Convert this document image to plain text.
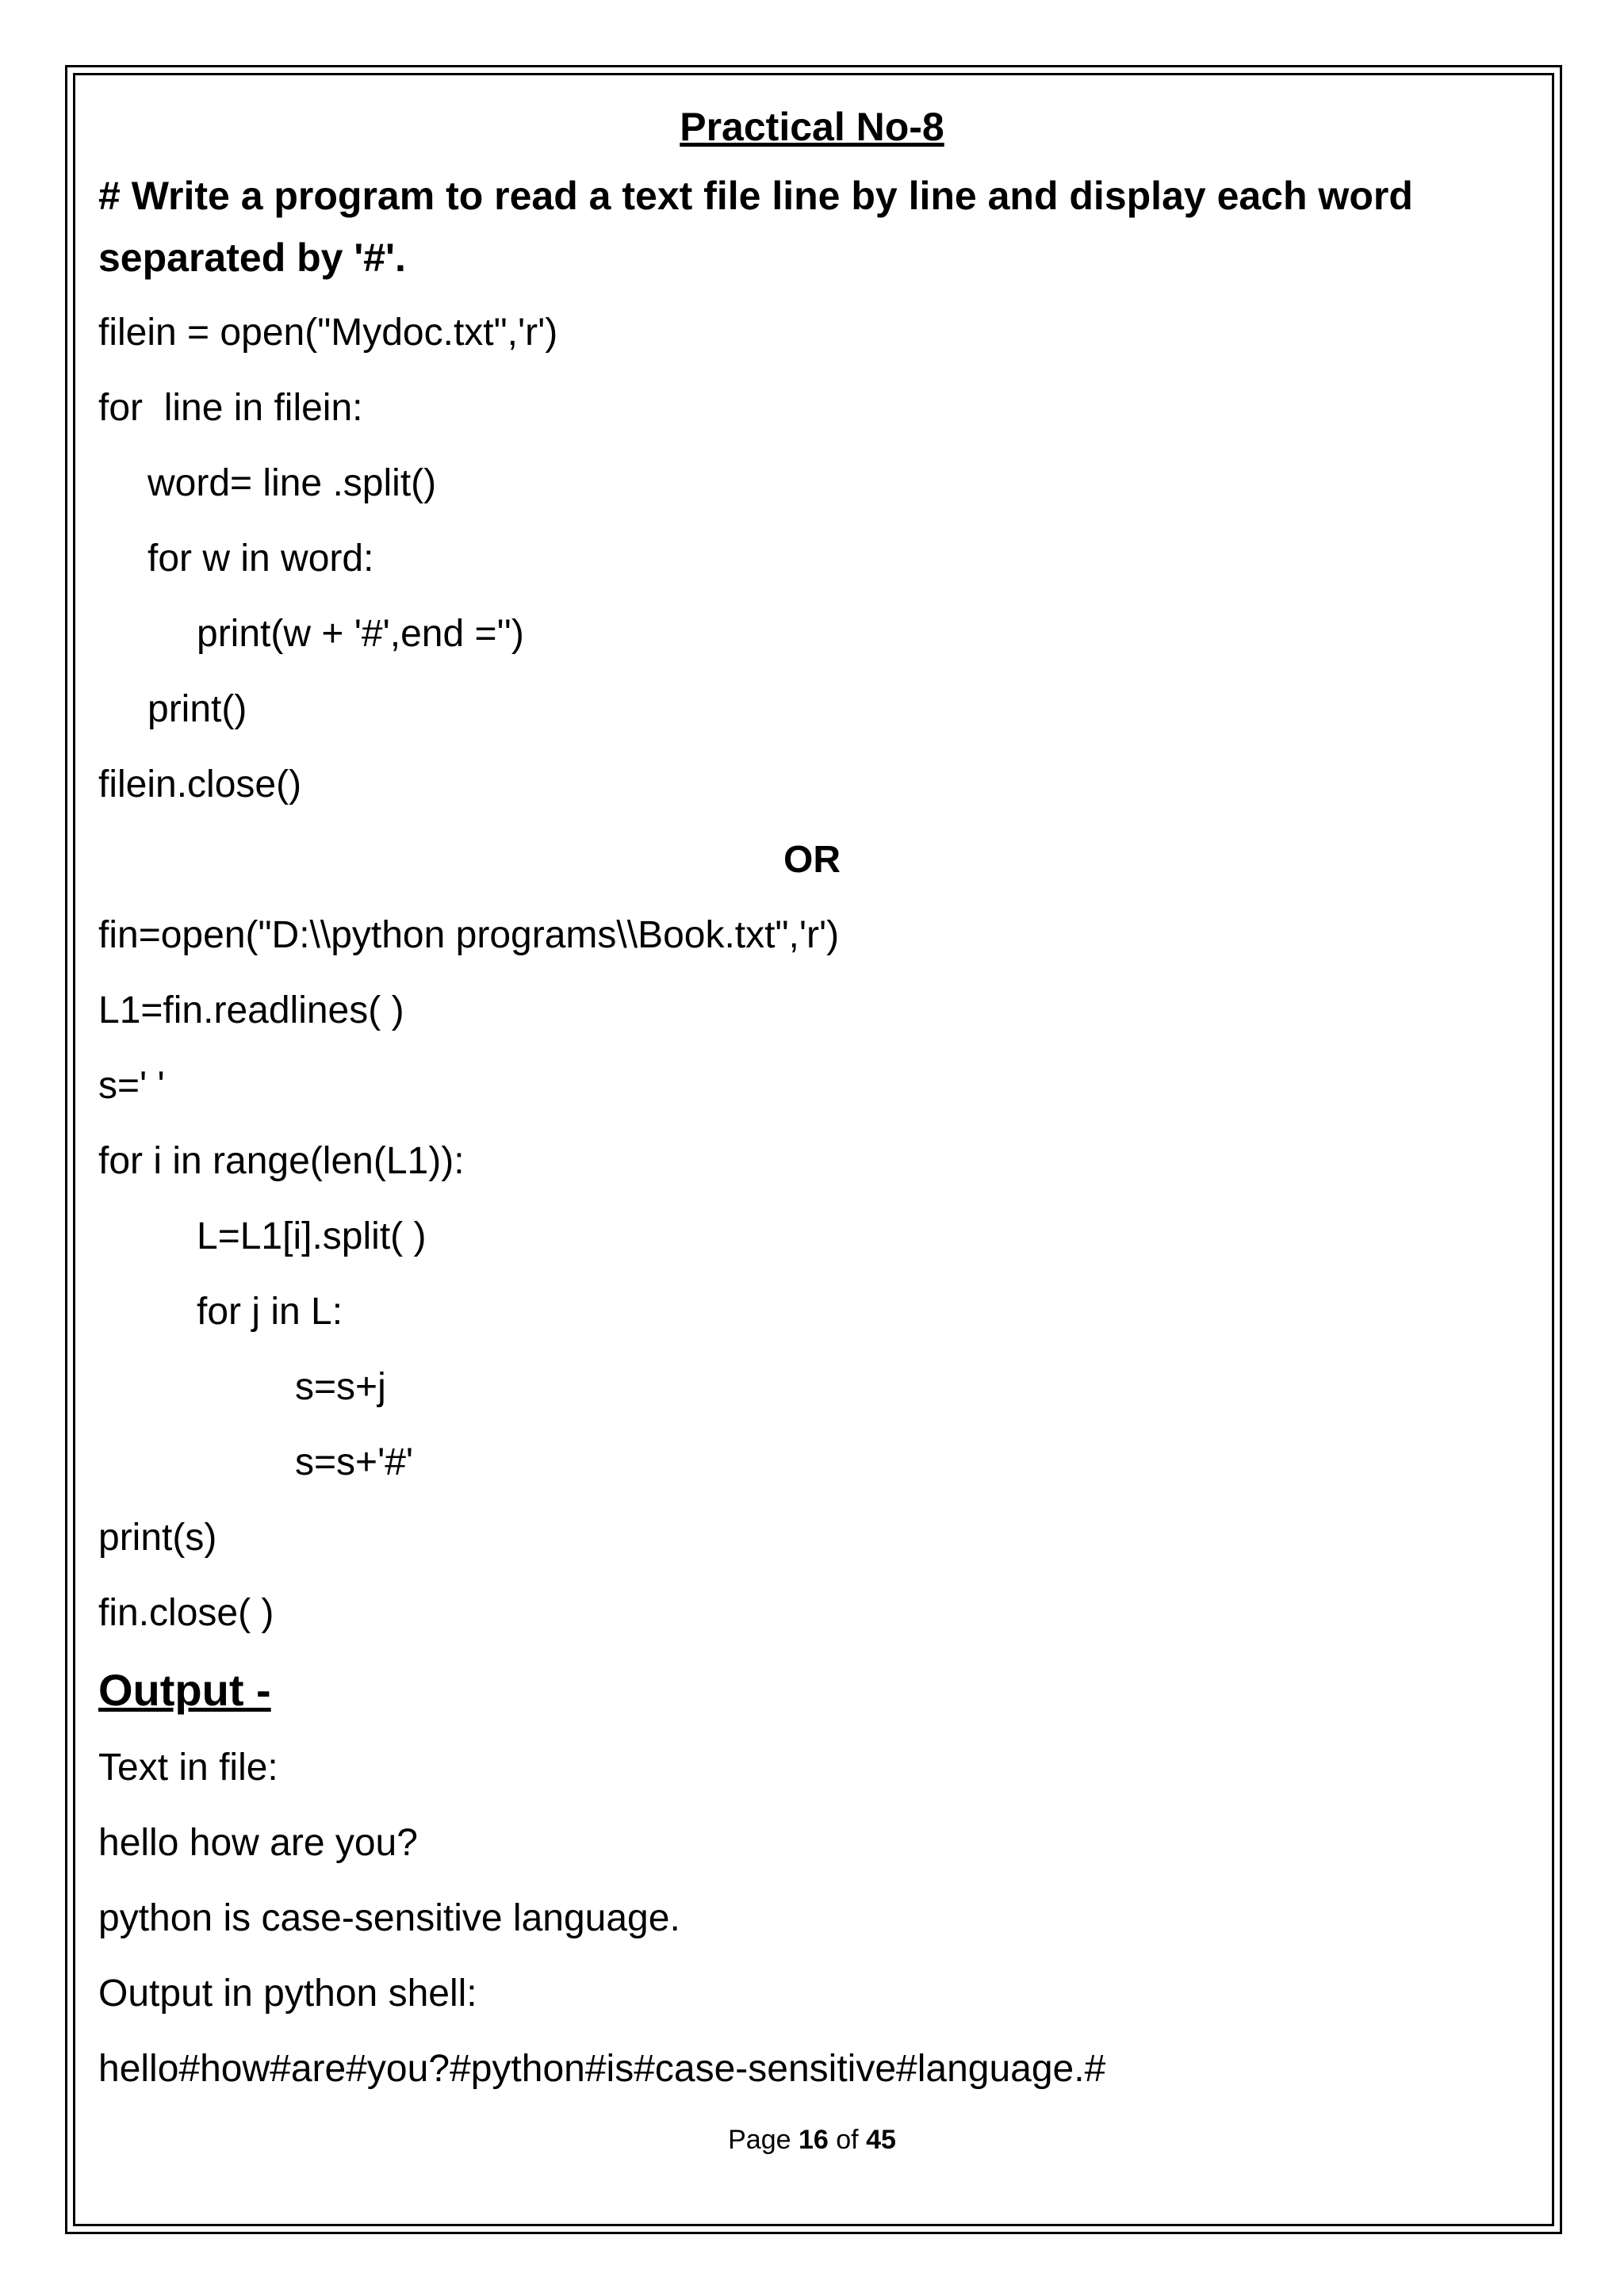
Practical No-8
# Write a program to read a text file line by line and display each word separated by '#'.
filein = open("Mydoc.txt",'r')
for  line in filein:
word= line .split()
for w in word:
print(w + '#',end ='')
print()
filein.close()
OR
fin=open("D:\\python programs\\Book.txt",'r')
L1=fin.readlines( )
s=' '
for i in range(len(L1)):
L=L1[i].split( )
for j in L:
s=s+j
s=s+'#'
print(s)
fin.close( )
Output -
Text in file:
hello how are you?
python is case-sensitive language.
Output in python shell:
hello#how#are#you?#python#is#case-sensitive#language.#
Page 16 of 45
